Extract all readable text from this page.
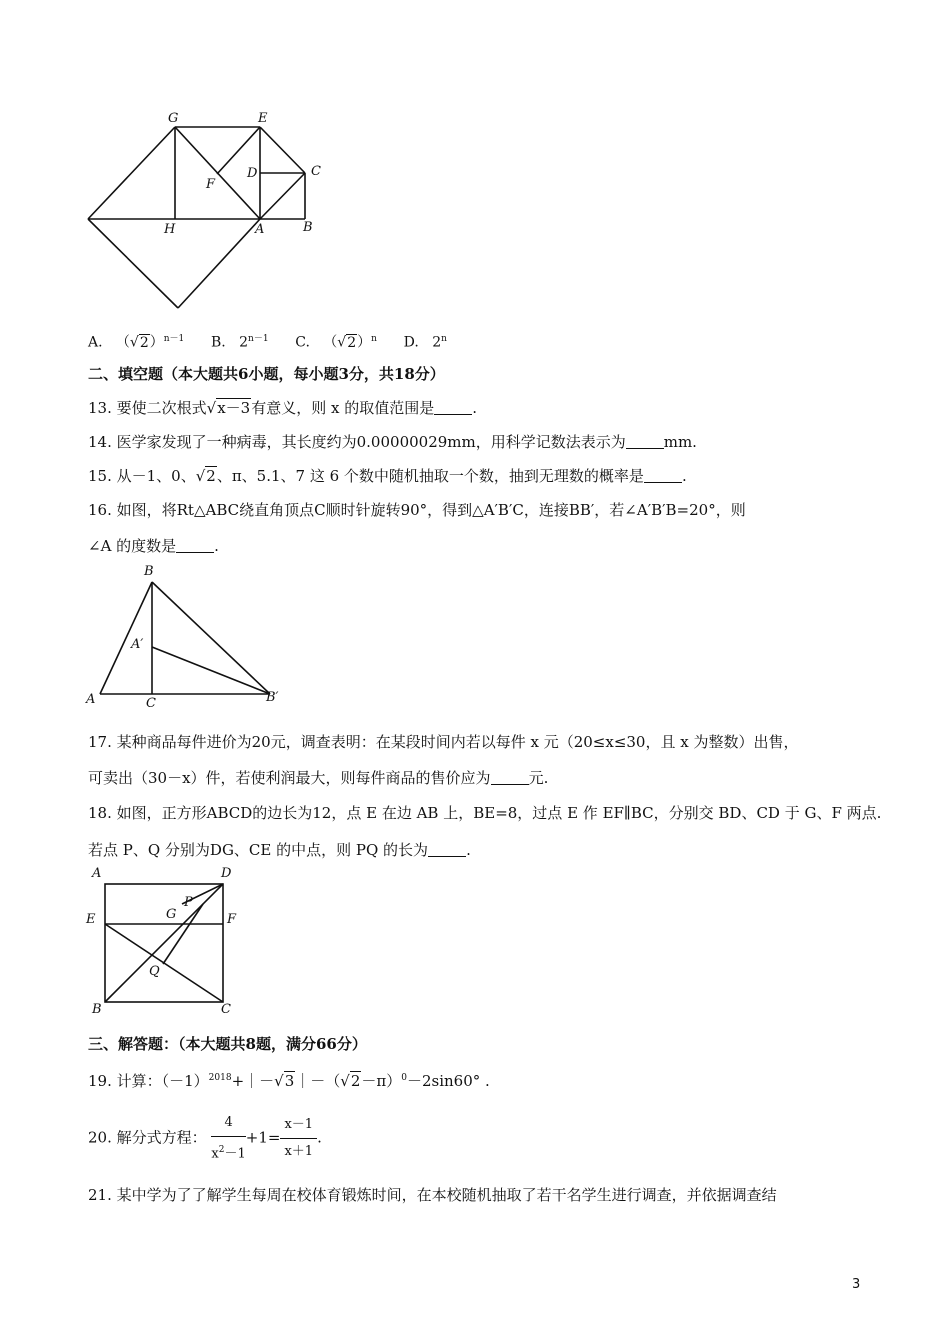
G	E
D	C
F
H	A	B
A.   $(√2)^{n-1}$ B. $2^{n-1}$ C.   $(√2)^n$ D. 2$^n$
二、填空题（本大题共6小题，每小题3分，共18分）
13. 要使二次根式√x－3有意义，则 x 的取值范围是	.
14. 医学家发现了一种病毒，其长度约为0.00000029mm，用科学记数法表示为	mm.
15. 从－1、0、√2、π、5.1、7 这 6 个数中随机抽取一个数，抽到无理数的概率是	.
16. 如图，将Rt△ABC绕直角顶点C顺时针旋转90°，得到△A′B′C，连接BB′，若∠A′B′B=20°，则
∠A 的度数是	.
B
A′
A	C	B′
17. 某种商品每件进价为20元，调查表明：在某段时间内若以每件 x 元（20≤x≤30，且 x 为整数）出售，
可卖出（30－x）件，若使利润最大，则每件商品的售价应为	元.
18. 如图，正方形ABCD的边长为12，点 E 在边 AB 上，BE=8，过点 E 作 EF∥BC，分别交 BD、CD 于 G、F 两点.
若点 P、Q 分别为DG、CE 的中点，则 PQ 的长为	.
A	D
E	G
P
F
Q
B	C
三、解答题：（本大题共8题，满分66分）
19. 计算：$(-1)^{2018}+|-√3|-(√2-\pi)^0-2\sin 60^\circ$ .
20. 解分式方程： $\frac{4}{x^2-1} +1= \frac{x-1}{x+1}$ .
21. 某中学为了了解学生每周在校体育锻炼时间，在本校随机抽取了若干名学生进行调查，并依据调查结
3
